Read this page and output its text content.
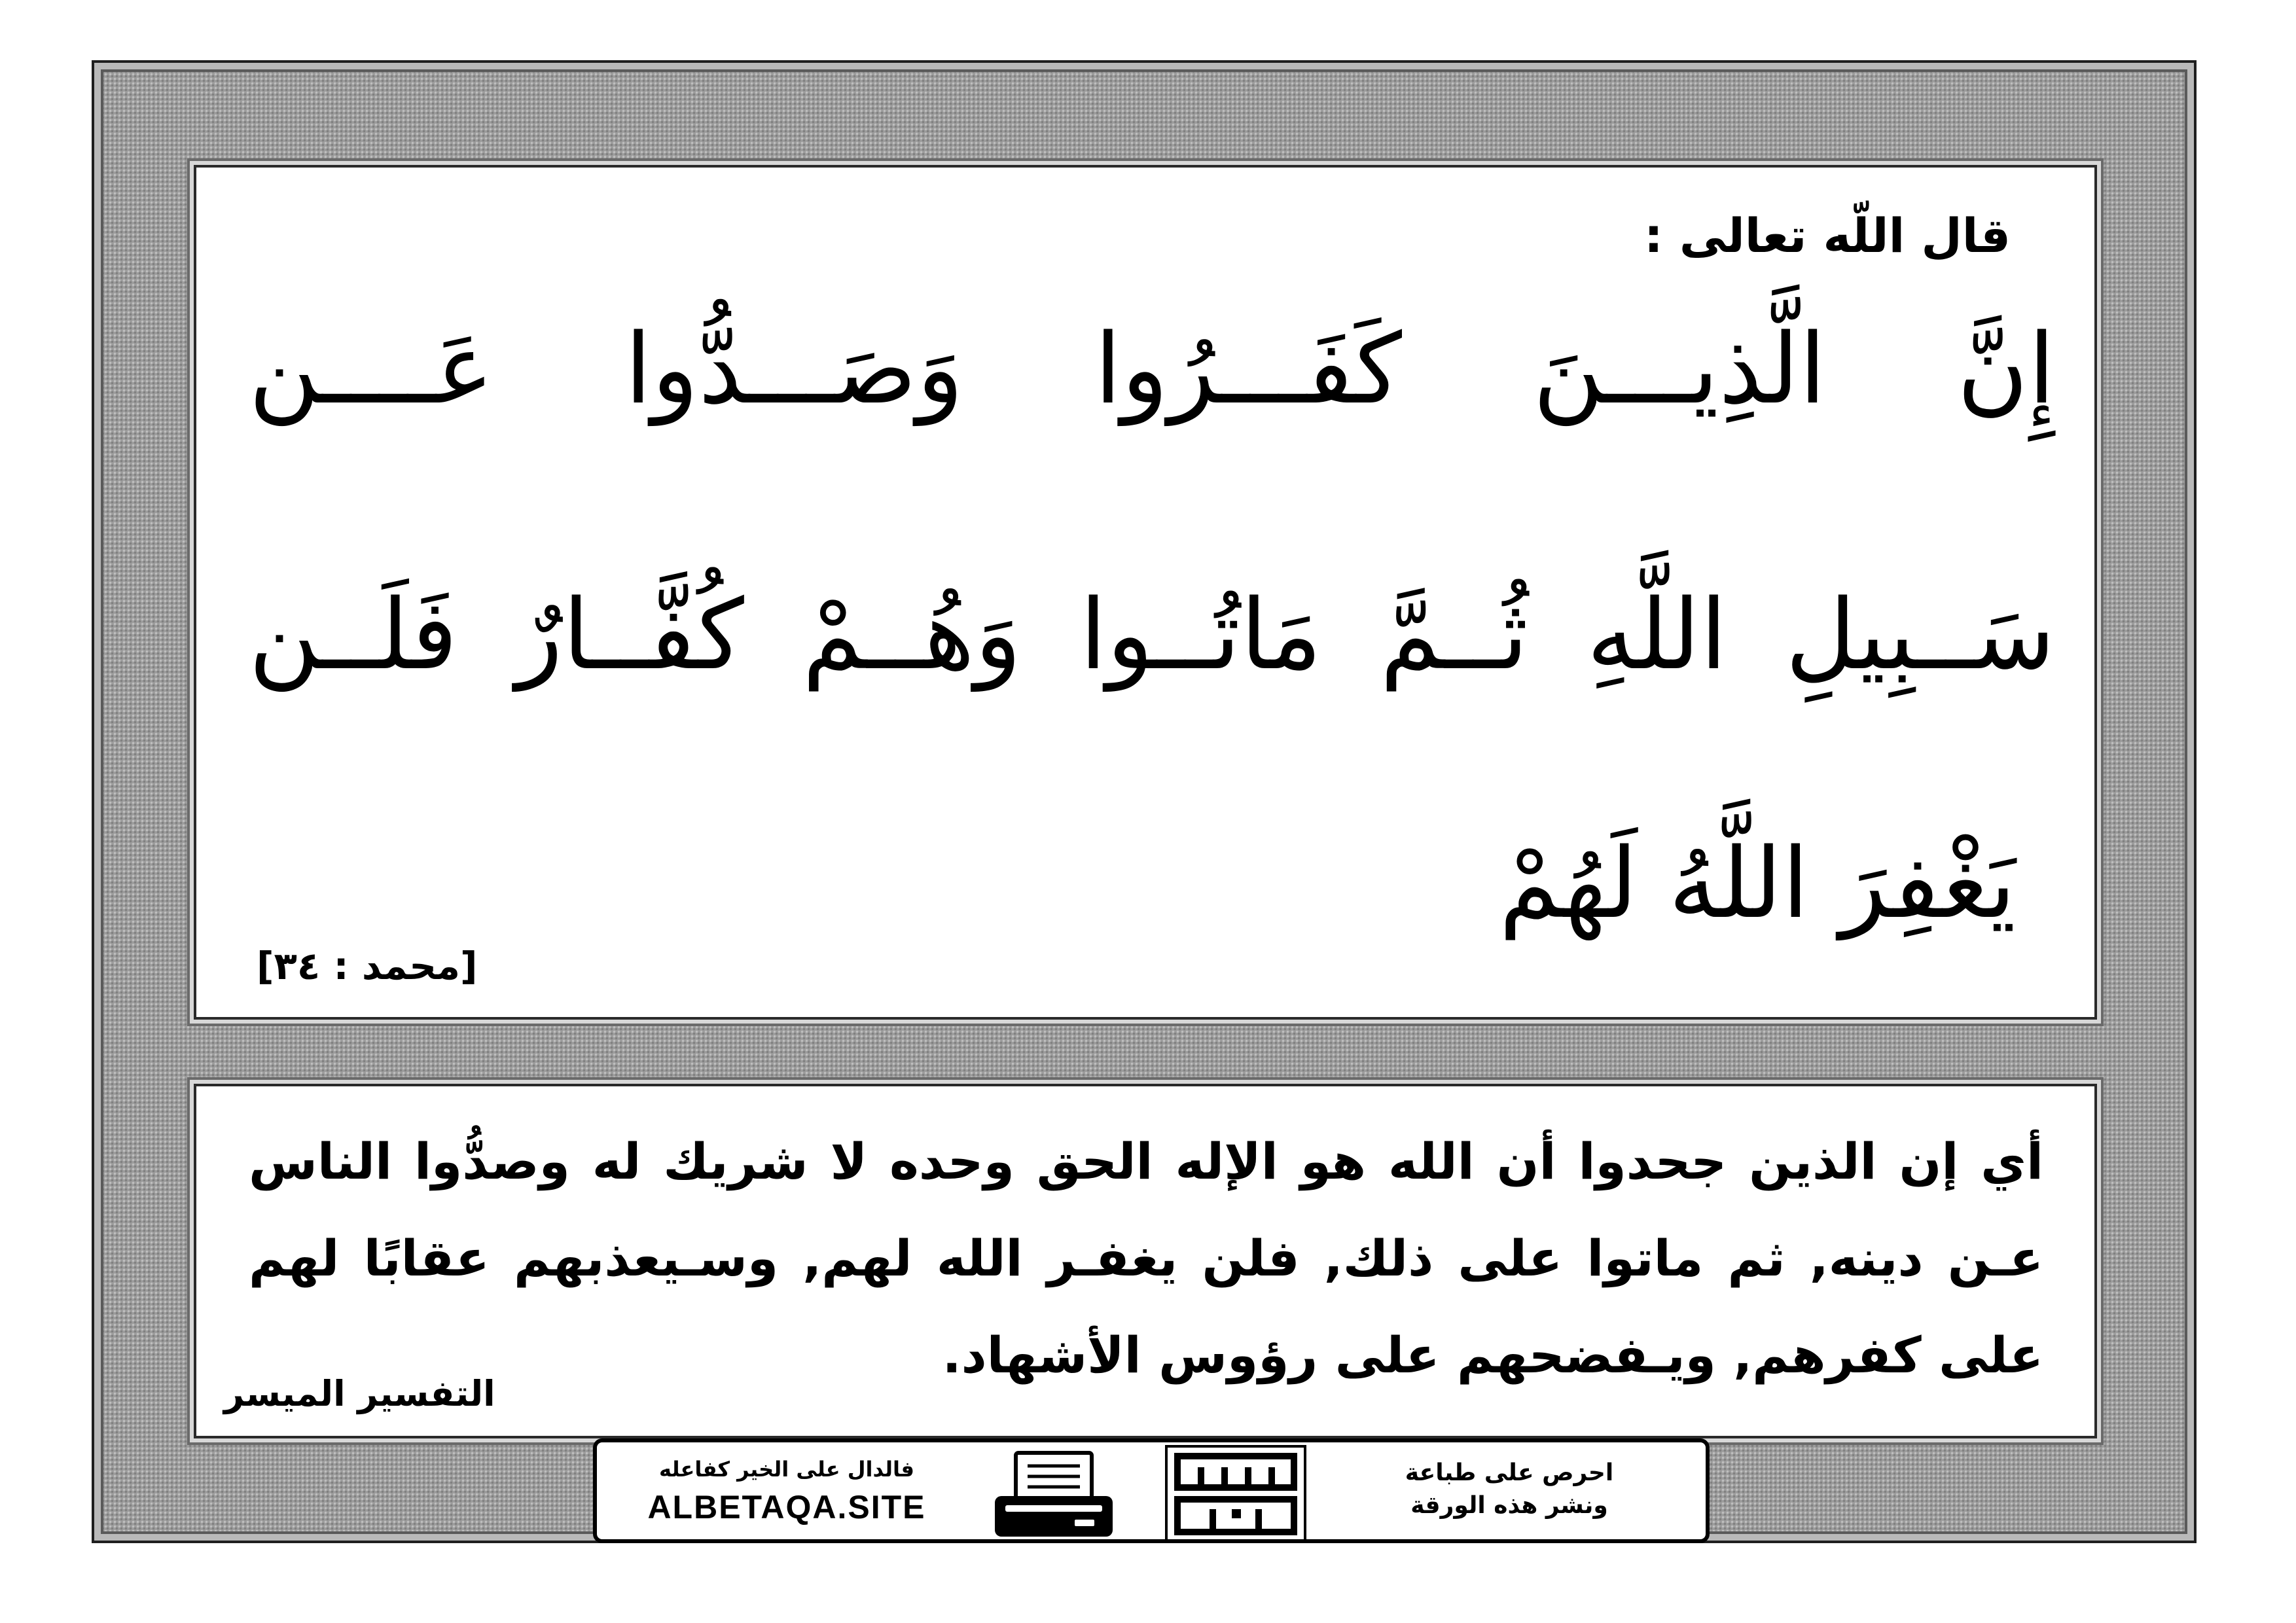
قال اللّه تعالى :
إِنَّ الَّذِيـــنَ كَفَـــرُوا وَصَـــدُّوا عَــــن
سَــبِيلِ اللَّهِ ثُــمَّ مَاتُــوا وَهُــمْ كُفَّــارٌ فَلَــن
يَغْفِرَ اللَّهُ لَهُمْ
[محمد : ٣٤]
أي إن الذين جحدوا أن الله هو الإله الحق وحده لا شريك له وصدُّوا الناس
عـن دينه, ثم ماتوا على ذلك, فلن يغفـر الله لهم, وسـيعذبهم عقابًا لهم
على كفرهم, ويـفضحهم على رؤوس الأشهاد.
التفسير الميسر
فالدال على الخير كفاعله
ALBETAQA.SITE
احرص على طباعة
ونشر هذه الورقة
